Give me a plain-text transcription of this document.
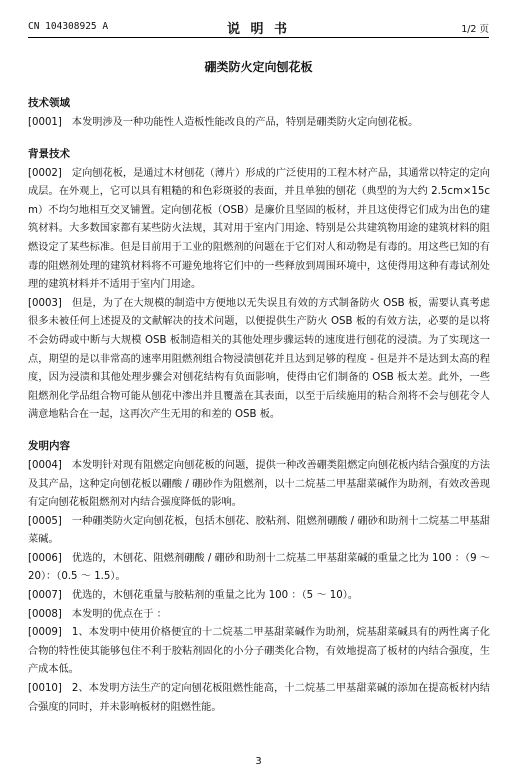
CN 104308925 A	说 明 书	1/2 页
硼类防火定向刨花板
技术领域

[0001] 本发明涉及一种功能性人造板性能改良的产品，特别是硼类防火定向刨花板。

背景技术

[0002] 定向刨花板，是通过木材刨花（薄片）形成的广泛使用的工程木材产品，其通常以特定的定向成层。在外观上，它可以具有粗糙的和色彩斑驳的表面，并且单独的刨花（典型的为大约 2.5cm×15cm）不均匀地相互交叉铺置。定向刨花板（OSB）是廉价且坚固的板材，并且这使得它们成为出色的建筑材料。大多数国家都有某些防火法规，其对用于室内门用途、特别是公共建筑物用途的建筑材料的阻燃设定了某些标准。但是目前用于工业的阻燃剂的问题在于它们对人和动物是有毒的。用这些已知的有毒的阻燃剂处理的建筑材料将不可避免地将它们中的一些释放到周围环境中，这使得用这种有毒试剂处理的建筑材料并不适用于室内门用途。

[0003] 但是，为了在大规模的制造中方便地以无失误且有效的方式制备防火 OSB 板，需要认真考虑很多未被任何上述提及的文献解决的技术问题，以便提供生产防火 OSB 板的有效方法，必要的是以将不会妨碍或中断与大规模 OSB 板制造相关的其他处理步骤运转的速度进行刨花的浸渍。为了实现这一点，期望的是以非常高的速率用阻燃剂组合物浸渍刨花并且达到足够的程度 - 但是并不是达到太高的程度，因为浸渍和其他处理步骤会对刨花结构有负面影响，使得由它们制备的 OSB 板太差。此外，一些阻燃剂化学品组合物可能从刨花中渗出并且覆盖在其表面，以至于后续施用的粘合剂将不会与刨花令人满意地粘合在一起，这再次产生无用的和差的 OSB 板。

发明内容

[0004] 本发明针对现有阻燃定向刨花板的问题，提供一种改善硼类阻燃定向刨花板内结合强度的方法及其产品，这种定向刨花板以硼酸 / 硼砂作为阻燃剂，以十二烷基二甲基甜菜碱作为助剂，有效改善现有定向刨花板阻燃剂对内结合强度降低的影响。

[0005] 一种硼类防火定向刨花板，包括木刨花、胶粘剂、阻燃剂硼酸 / 硼砂和助剂十二烷基二甲基甜菜碱。

[0006] 优选的，木刨花、阻燃剂硼酸 / 硼砂和助剂十二烷基二甲基甜菜碱的重量之比为 100 ：（9 ～ 20）：（0.5 ～ 1.5）。

[0007] 优选的，木刨花重量与胶粘剂的重量之比为 100 ：（5 ～ 10）。

[0008] 本发明的优点在于 ：

[0009] 1、本发明中使用价格便宜的十二烷基二甲基甜菜碱作为助剂，烷基甜菜碱具有的两性离子化合物的特性使其能够包住不利于胶粘剂固化的小分子硼类化合物，有效地提高了板材的内结合强度，生产成本低。

[0010] 2、本发明方法生产的定向刨花板阻燃性能高，十二烷基二甲基甜菜碱的添加在提高板材内结合强度的同时，并未影响板材的阻燃性能。

3
